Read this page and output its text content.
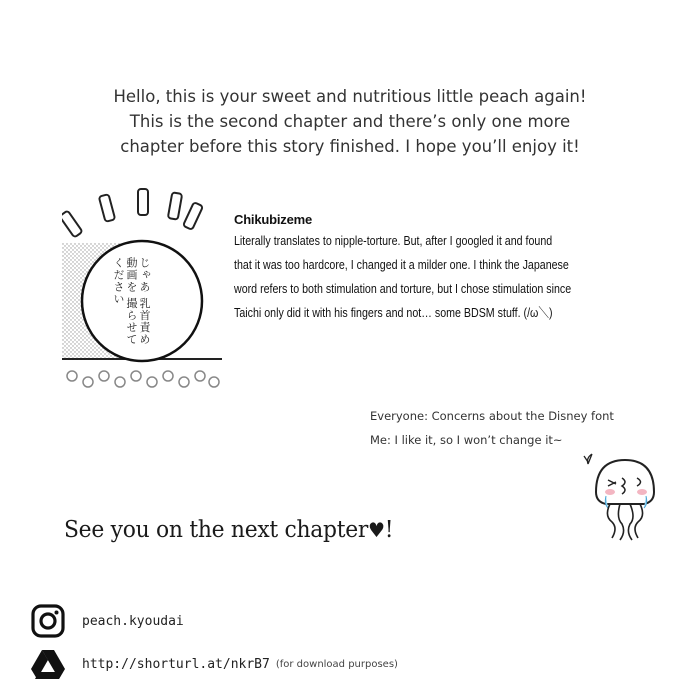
Hello, this is your sweet and nutritious little peach again!
This is the second chapter and there’s only one more
chapter before this story finished. I hope you’ll enjoy it!
じゃあ 乳首責め 動画を 撮らせて ください
Chikubizeme
Literally translates to nipple-torture. But, after I googled it and found
that it was too hardcore, I changed it a milder one. I think the Japanese
word refers to both stimulation and torture, but I chose stimulation since
Taichi only did it with his fingers and not… some BDSM stuff. (/ω＼)
Everyone: Concerns about the Disney font
Me: I like it, so I won’t change it~
See you on the next chapter♥!
peach.kyoudai
http://shorturl.at/nkrB7 (for download purposes)
